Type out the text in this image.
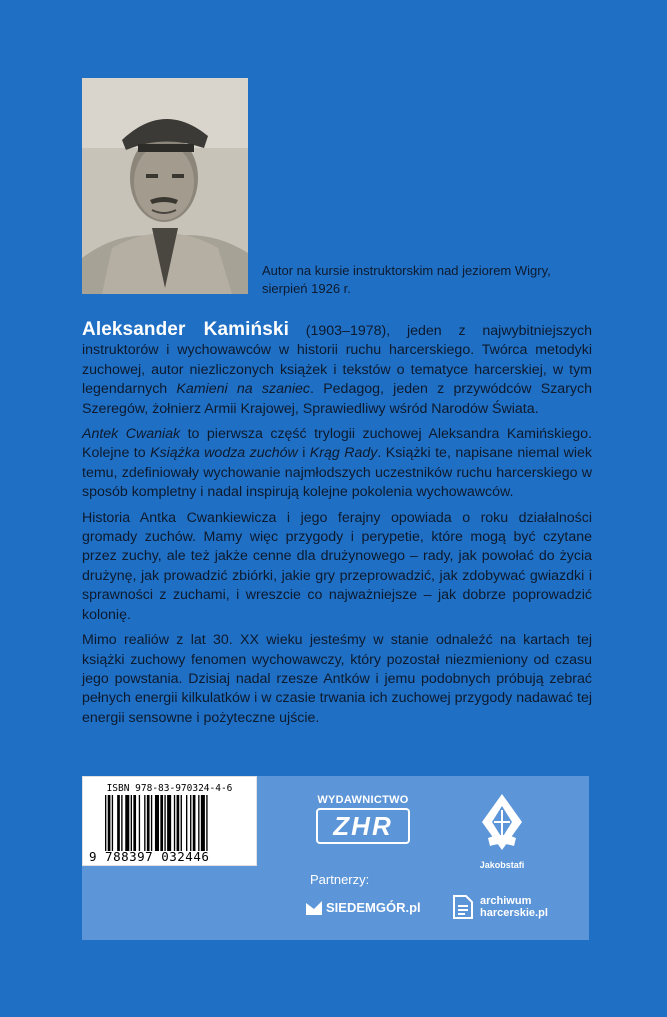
Autor na kursie instruktorskim nad jeziorem Wigry,
sierpień 1926 r.

Aleksander Kamiński (1903–1978), jeden z najwybitniejszych instruktorów i wychowawców w historii ruchu harcerskiego. Twórca metodyki zuchowej, autor niezliczonych książek i tekstów o tematyce harcerskiej, w tym legendarnych Kamieni na szaniec. Pedagog, jeden z przywódców Szarych Szeregów, żołnierz Armii Krajowej, Sprawiedliwy wśród Narodów Świata.

Antek Cwaniak to pierwsza część trylogii zuchowej Aleksandra Kamińskiego. Kolejne to Książka wodza zuchów i Krąg Rady. Książki te, napisane niemal wiek temu, zdefiniowały wychowanie najmłodszych uczestników ruchu harcerskiego w sposób kompletny i nadal inspirują kolejne pokolenia wychowawców.

Historia Antka Cwankiewicza i jego ferajny opowiada o roku działalności gromady zuchów. Mamy więc przygody i perypetie, które mogą być czytane przez zuchy, ale też jakże cenne dla drużynowego – rady, jak powołać do życia drużynę, jak prowadzić zbiórki, jakie gry przeprowadzić, jak zdobywać gwiazdki i sprawności z zuchami, i wreszcie co najważniejsze – jak dobrze poprowadzić kolonię.

Mimo realiów z lat 30. XX wieku jesteśmy w stanie odnaleźć na kartach tej książki zuchowy fenomen wychowawczy, który pozostał niezmieniony od czasu jego powstania. Dzisiaj nadal rzesze Antków i jemu podobnych próbują zebrać pełnych energii kilkulatków i w czasie trwania ich zuchowej przygody nadawać tej energii sensowne i pożyteczne ujście.

ISBN 978-83-970324-4-6
9 788397 032446
WYDAWNICTWO
ZHR
Jakobstafi
Partnerzy:
SIEDEMGÓR.pl	archiwum
harcerskie.pl
